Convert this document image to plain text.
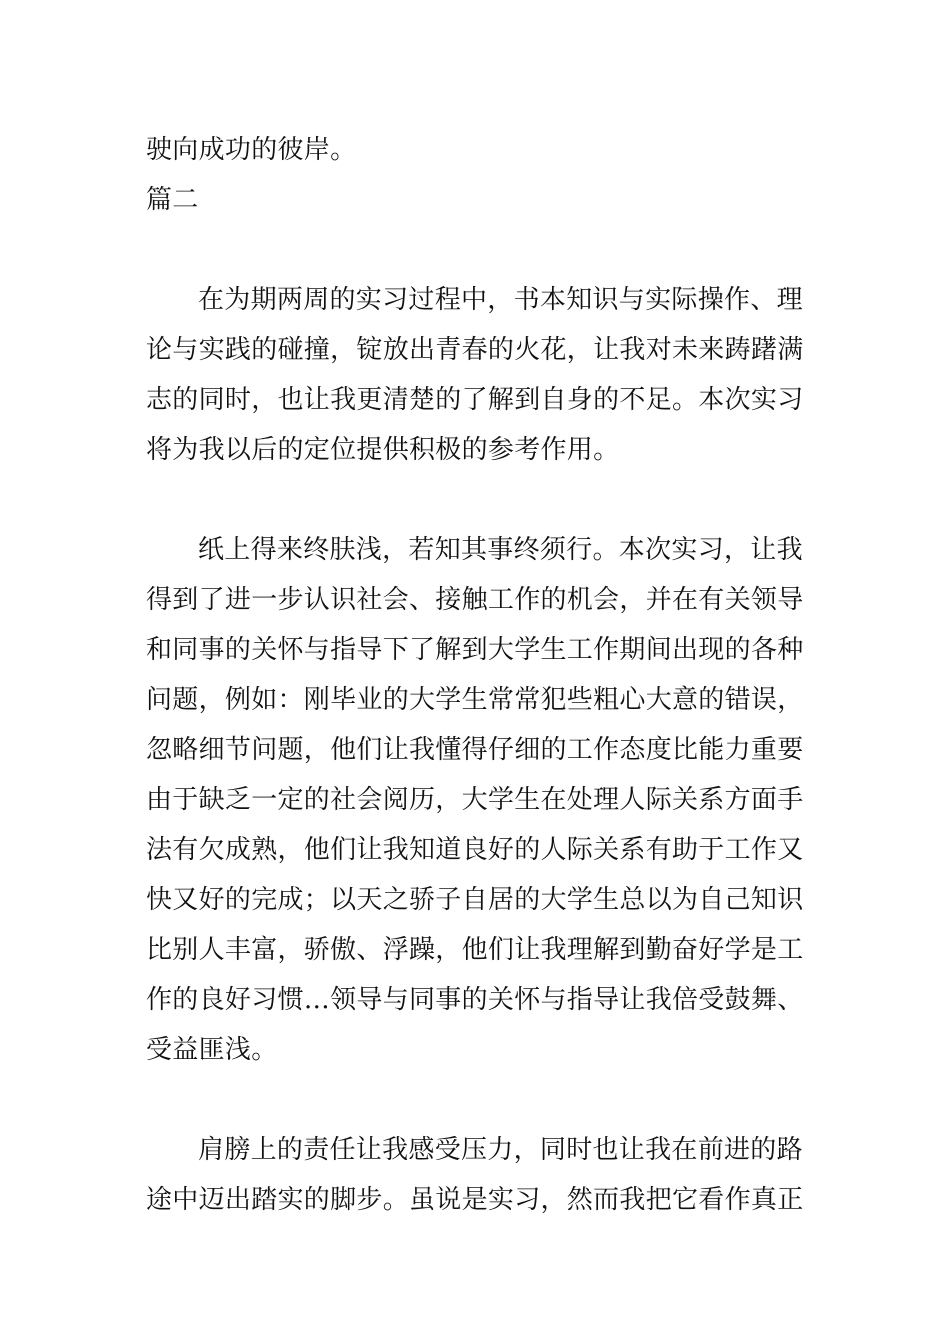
驶向成功的彼岸。
篇二
在为期两周的实习过程中，书本知识与实际操作、理
论与实践的碰撞，锭放出青春的火花，让我对未来踌躇满
志的同时，也让我更清楚的了解到自身的不足。本次实习
将为我以后的定位提供积极的参考作用。
纸上得来终肤浅，若知其事终须行。本次实习，让我
得到了进一步认识社会、接触工作的机会，并在有关领导
和同事的关怀与指导下了解到大学生工作期间出现的各种
问题，例如：刚毕业的大学生常常犯些粗心大意的错误，
忽略细节问题，他们让我懂得仔细的工作态度比能力重要
由于缺乏一定的社会阅历，大学生在处理人际关系方面手
法有欠成熟，他们让我知道良好的人际关系有助于工作又
快又好的完成；以天之骄子自居的大学生总以为自己知识
比别人丰富，骄傲、浮躁，他们让我理解到勤奋好学是工
作的良好习惯…领导与同事的关怀与指导让我倍受鼓舞、
受益匪浅。
肩膀上的责任让我感受压力，同时也让我在前进的路
途中迈出踏实的脚步。虽说是实习，然而我把它看作真正
